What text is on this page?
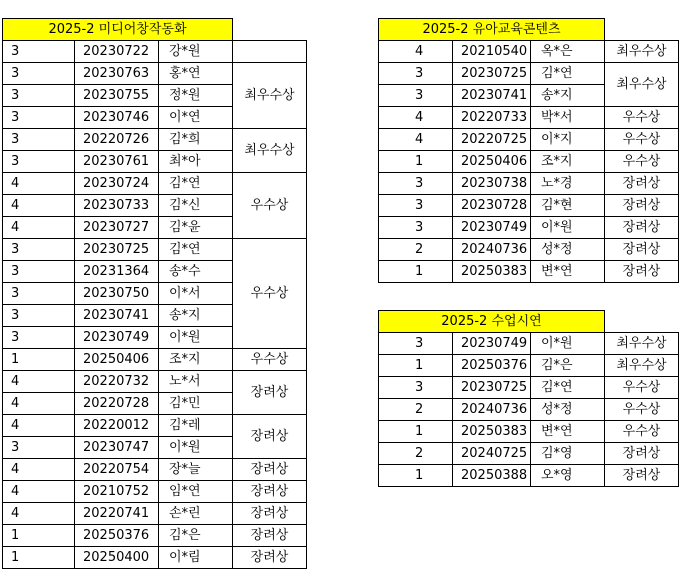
2025-2 미디어창작동화			
3	20230722	강*원	
3	20230763	홍*연	최우수상
3	20230755	정*원	
3	20230746	이*연	
3	20220726	김*희	최우수상
3	20230761	최*아	
4	20230724	김*연	우수상
4	20230733	김*신	
4	20230727	김*윤	
3	20230725	김*연	우수상
3	20231364	송*수	
3	20230750	이*서	
3	20230741	송*지	
3	20230749	이*원	
1	20250406	조*지	우수상
4	20220732	노*서	장려상
4	20220728	김*민	
4	20220012	김*레	장려상
3	20230747	이*원	
4	20220754	장*늘	장려상
4	20210752	임*연	장려상
4	20220741	손*린	장려상
1	20250376	김*은	장려상
1	20250400	이*림	장려상
2025-2 유아교육콘텐츠			
4	20210540	옥*은	최우수상
3	20230725	김*연	최우수상
3	20230741	송*지	
4	20220733	박*서	우수상
4	20220725	이*지	우수상
1	20250406	조*지	우수상
3	20230738	노*경	장려상
3	20230728	김*현	장려상
3	20230749	이*원	장려상
2	20240736	성*정	장려상
1	20250383	변*연	장려상
2025-2 수업시연			
3	20230749	이*원	최우수상
1	20250376	김*은	최우수상
3	20230725	김*연	우수상
2	20240736	성*정	우수상
1	20250383	변*연	우수상
2	20240725	김*영	장려상
1	20250388	오*영	장려상
